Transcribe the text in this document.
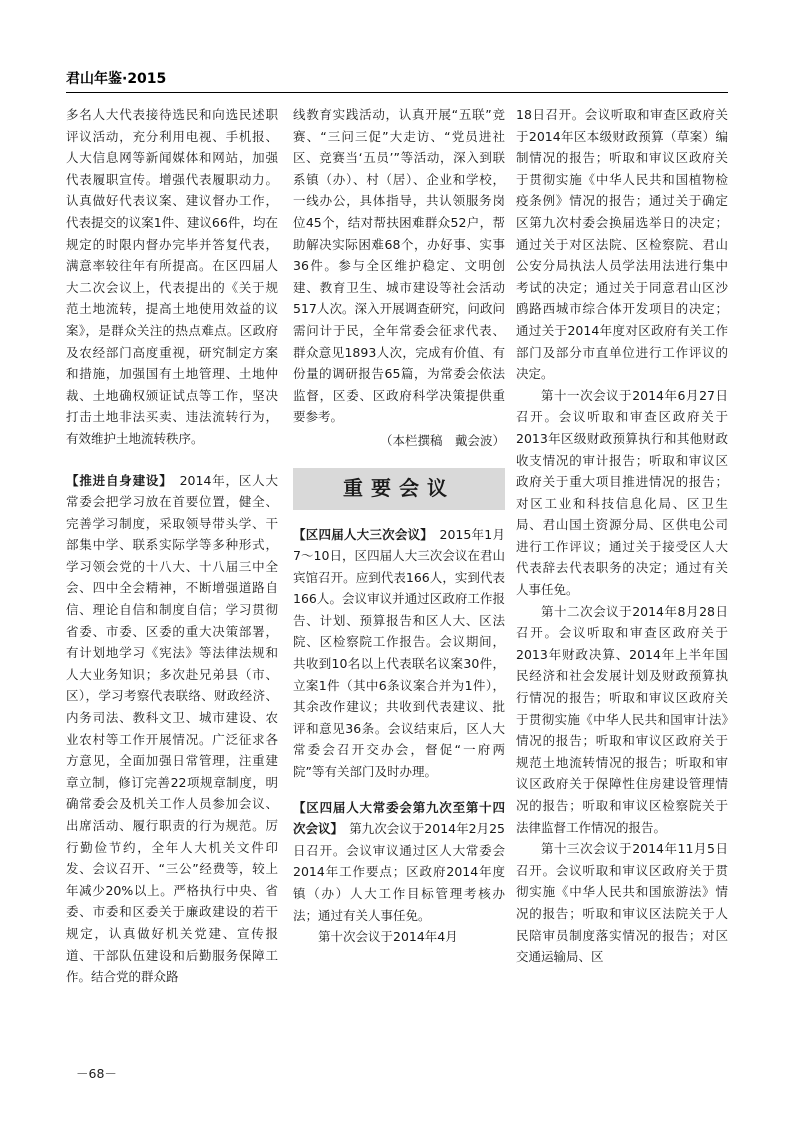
君山年鉴·2015

多名人大代表接待选民和向选民述职评议活动，充分利用电视、手机报、人大信息网等新闻媒体和网站，加强代表履职宣传。增强代表履职动力。认真做好代表议案、建议督办工作，代表提交的议案1件、建议66件，均在规定的时限内督办完毕并答复代表，满意率较往年有所提高。在区四届人大二次会议上，代表提出的《关于规范土地流转，提高土地使用效益的议案》，是群众关注的热点难点。区政府及农经部门高度重视，研究制定方案和措施，加强国有土地管理、土地仲裁、土地确权颁证试点等工作，坚决打击土地非法买卖、违法流转行为，有效维护土地流转秩序。

【推进自身建设】　 2014年，区人大常委会把学习放在首要位置，健全、完善学习制度，采取领导带头学、干部集中学、联系实际学等多种形式，学习领会党的十八大、十八届三中全会、四中全会精神，不断增强道路自信、理论自信和制度自信；学习贯彻省委、市委、区委的重大决策部署，有计划地学习《宪法》等法律法规和人大业务知识；多次赴兄弟县（市、区），学习考察代表联络、财政经济、内务司法、教科文卫、城市建设、农业农村等工作开展情况。广泛征求各方意见，全面加强日常管理，注重建章立制，修订完善22项规章制度，明确常委会及机关工作人员参加会议、出席活动、履行职责的行为规范。厉行勤俭节约，全年人大机关文件印发、会议召开、“三公”经费等，较上年减少20%以上。严格执行中央、省委、市委和区委关于廉政建设的若干规定，认真做好机关党建、宣传报道、干部队伍建设和后勤服务保障工作。结合党的群众路

线教育实践活动，认真开展“五联”竞赛、“三问三促”大走访、“党员进社区、竞赛当‘五员’”等活动，深入到联系镇（办）、村（居）、企业和学校，一线办公，具体指导，共认领服务岗位45个，结对帮扶困难群众52户，帮助解决实际困难68个，办好事、实事36件。参与全区维护稳定、文明创建、教育卫生、城市建设等社会活动517人次。深入开展调查研究，问政问需问计于民，全年常委会征求代表、群众意见1893人次，完成有价值、有份量的调研报告65篇，为常委会依法监督，区委、区政府科学决策提供重要参考。

（本栏撰稿　戴会波）

重要会议

【区四届人大三次会议】　 2015年1月7～10日，区四届人大三次会议在君山宾馆召开。应到代表166人，实到代表166人。会议审议并通过区政府工作报告、计划、预算报告和区人大、区法院、区检察院工作报告。会议期间，共收到10名以上代表联名议案30件，立案1件（其中6条议案合并为1件），其余改作建议；共收到代表建议、批评和意见36条。会议结束后，区人大常委会召开交办会，督促“一府两院”等有关部门及时办理。

【区四届人大常委会第九次至第十四次会议】　 第九次会议于2014年2月25日召开。会议审议通过区人大常委会2014年工作要点；区政府2014年度镇（办）人大工作目标管理考核办法；通过有关人事任免。

第十次会议于2014年4月

18日召开。会议听取和审查区政府关于2014年区本级财政预算（草案）编制情况的报告；听取和审议区政府关于贯彻实施《中华人民共和国植物检疫条例》情况的报告；通过关于确定区第九次村委会换届选举日的决定；通过关于对区法院、区检察院、君山公安分局执法人员学法用法进行集中考试的决定；通过关于同意君山区沙鸥路西城市综合体开发项目的决定；通过关于2014年度对区政府有关工作部门及部分市直单位进行工作评议的决定。

第十一次会议于2014年6月27日召开。会议听取和审查区政府关于2013年区级财政预算执行和其他财政收支情况的审计报告；听取和审议区政府关于重大项目推进情况的报告；对区工业和科技信息化局、区卫生局、君山国土资源分局、区供电公司进行工作评议；通过关于接受区人大代表辞去代表职务的决定；通过有关人事任免。

第十二次会议于2014年8月28日召开。会议听取和审查区政府关于2013年财政决算、2014年上半年国民经济和社会发展计划及财政预算执行情况的报告；听取和审议区政府关于贯彻实施《中华人民共和国审计法》情况的报告；听取和审议区政府关于规范土地流转情况的报告；听取和审议区政府关于保障性住房建设管理情况的报告；听取和审议区检察院关于法律监督工作情况的报告。

第十三次会议于2014年11月5日召开。会议听取和审议区政府关于贯彻实施《中华人民共和国旅游法》情况的报告；听取和审议区法院关于人民陪审员制度落实情况的报告；对区交通运输局、区

－68－
